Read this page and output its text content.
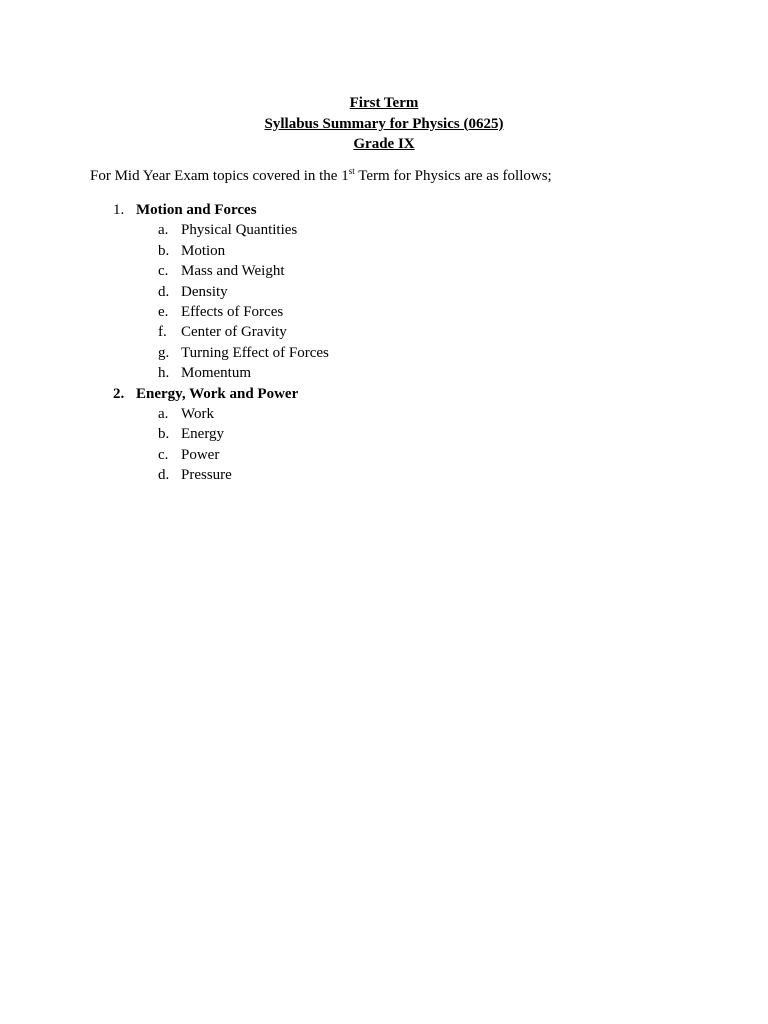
First Term

Syllabus Summary for Physics (0625)

Grade IX

For Mid Year Exam topics covered in the 1st Term for Physics are as follows;

1. Motion and Forces
a. Physical Quantities
b. Motion
c. Mass and Weight
d. Density
e. Effects of Forces
f. Center of Gravity
g. Turning Effect of Forces
h. Momentum
2. Energy, Work and Power
a. Work
b. Energy
c. Power
d. Pressure
